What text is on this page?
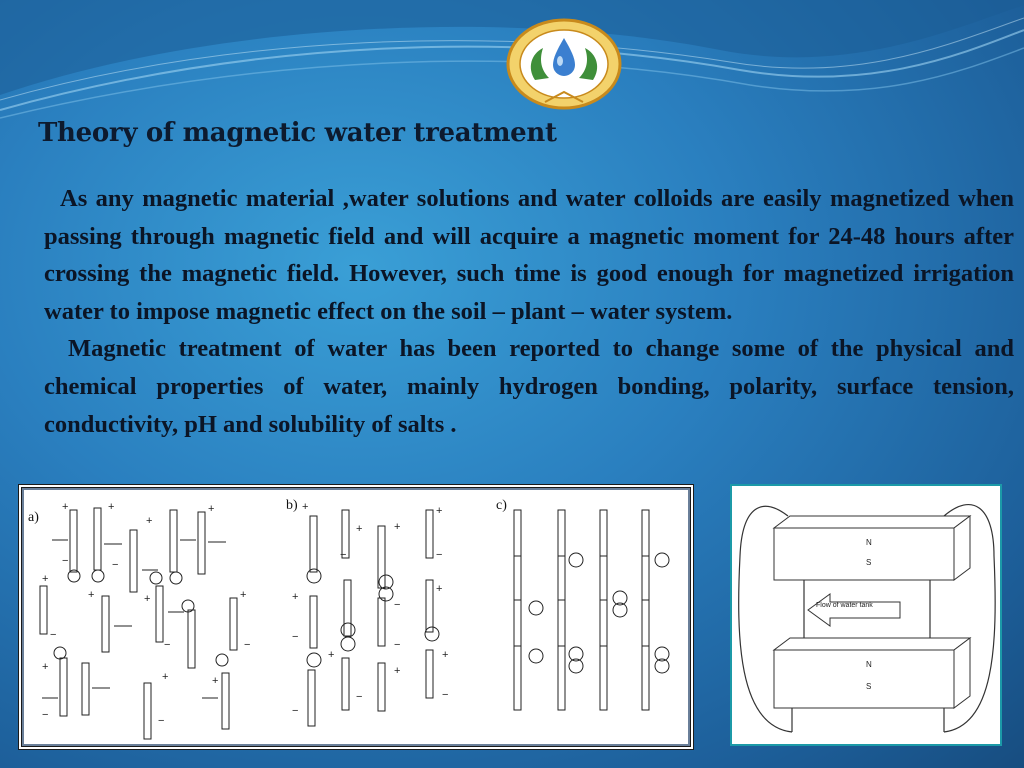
Theory of magnetic water treatment

As any magnetic material ,water solutions and water colloids are easily magnetized when passing through magnetic field and will acquire a magnetic moment for 24-48 hours after crossing the magnetic field. However, such time is good enough for magnetized irrigation water to impose magnetic effect on the soil – plant – water system.

Magnetic treatment of water has been reported to change some of the physical and chemical properties of water, mainly hydrogen bonding, polarity, surface tension, conductivity, pH and solubility of salts .

a)
b)	c)
+	+
+
+
−	−
+
+	+	+
−
−	−
+
+	+
−	−
+
+	+
+
−	−
+
−
+
−
−
+
+
+
−
−	−
Flow of water tank
N
S
N
S
